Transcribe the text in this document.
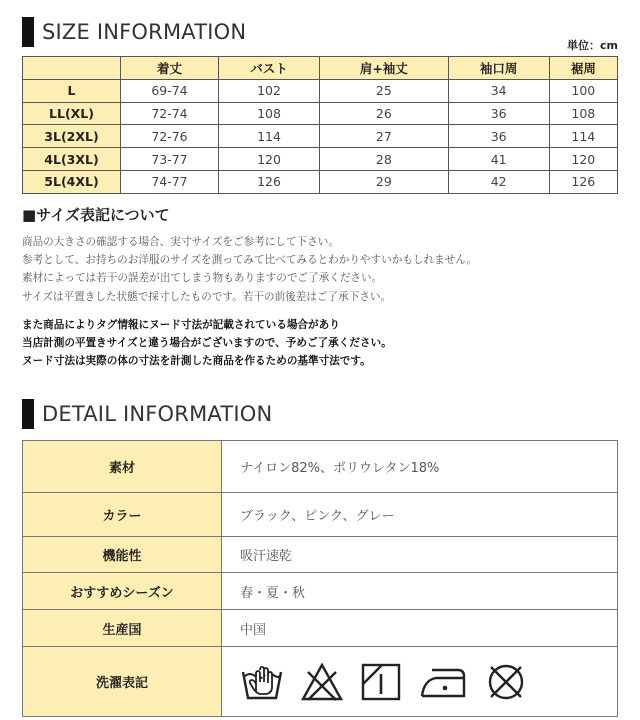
SIZE INFORMATION
単位：cm
	着丈	バスト	肩+袖丈	袖口周	裾周
L	69-74	102	25	34	100
LL(XL)	72-74	108	26	36	108
3L(2XL)	72-76	114	27	36	114
4L(3XL)	73-77	120	28	41	120
5L(4XL)	74-77	126	29	42	126
■サイズ表記について
商品の大きさの確認する場合、実寸サイズをご参考にして下さい。
参考として、お持ちのお洋服のサイズを測ってみて比べてみるとわかりやすいかもしれません。
素材によっては若干の誤差が出てしまう物もありますのでご了承ください。
サイズは平置きした状態で採寸したものです。若干の前後差はご了承下さい。
また商品によりタグ情報にヌード寸法が記載されている場合があり
当店計測の平置きサイズと違う場合がございますので、予めご了承ください。
ヌード寸法は実際の体の寸法を計測した商品を作るための基準寸法です。
DETAIL INFORMATION
素材	ナイロン82%、ポリウレタン18%
カラー	ブラック、ピンク、グレー
機能性	吸汗速乾
おすすめシーズン	春・夏・秋
生産国	中国
洗濯表記	
